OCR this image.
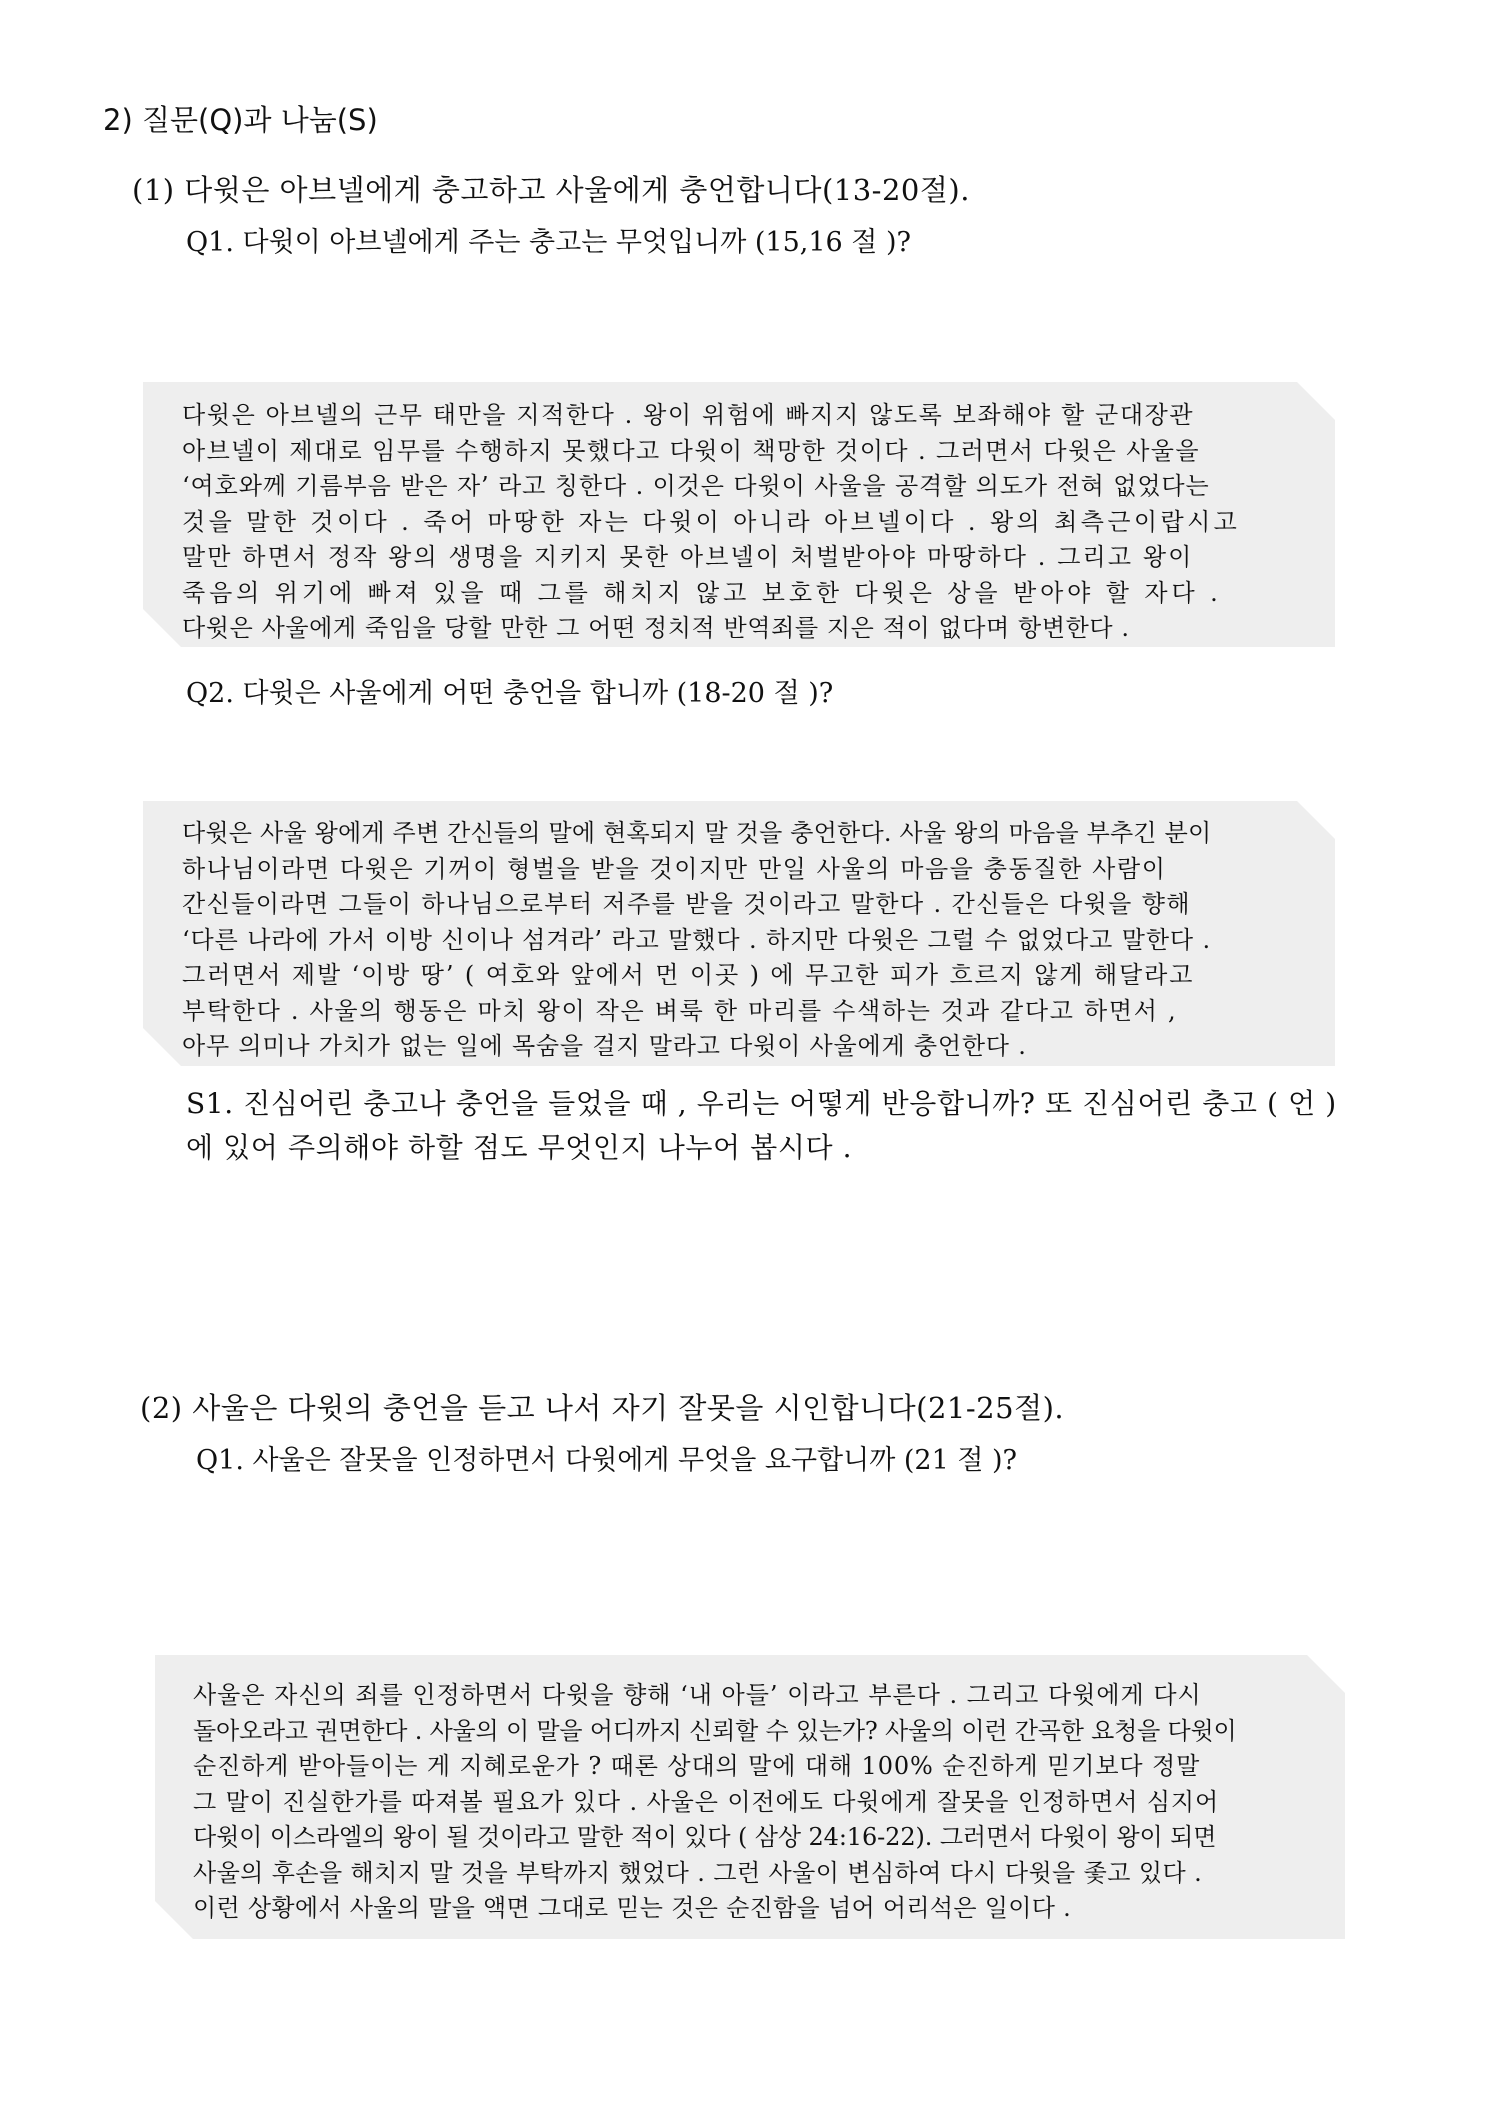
2) 질문(Q)과 나눔(S)
(1) 다윗은 아브넬에게 충고하고 사울에게 충언합니다(13-20절).
Q1. 다윗이 아브넬에게 주는 충고는 무엇입니까 (15,16 절 )?
다윗은 아브넬의 근무 태만을 지적한다 . 왕이 위험에 빠지지 않도록 보좌해야 할 군대장관
아브넬이 제대로 임무를 수행하지 못했다고 다윗이 책망한 것이다 . 그러면서 다윗은 사울을
‘여호와께 기름부음 받은 자’ 라고 칭한다 . 이것은 다윗이 사울을 공격할 의도가 전혀 없었다는
것을 말한 것이다 . 죽어 마땅한 자는 다윗이 아니라 아브넬이다 . 왕의 최측근이랍시고
말만 하면서 정작 왕의 생명을 지키지 못한 아브넬이 처벌받아야 마땅하다 . 그리고 왕이
죽음의 위기에 빠져 있을 때 그를 해치지 않고 보호한 다윗은 상을 받아야 할 자다 .
다윗은 사울에게 죽임을 당할 만한 그 어떤 정치적 반역죄를 지은 적이 없다며 항변한다 .
Q2. 다윗은 사울에게 어떤 충언을 합니까 (18-20 절 )?
다윗은 사울 왕에게 주변 간신들의 말에 현혹되지 말 것을 충언한다. 사울 왕의 마음을 부추긴 분이
하나님이라면 다윗은 기꺼이 형벌을 받을 것이지만 만일 사울의 마음을 충동질한 사람이
간신들이라면 그들이 하나님으로부터 저주를 받을 것이라고 말한다 . 간신들은 다윗을 향해
‘다른 나라에 가서 이방 신이나 섬겨라’ 라고 말했다 . 하지만 다윗은 그럴 수 없었다고 말한다 .
그러면서 제발 ‘이방 땅’ ( 여호와 앞에서 먼 이곳 ) 에 무고한 피가 흐르지 않게 해달라고
부탁한다 . 사울의 행동은 마치 왕이 작은 벼룩 한 마리를 수색하는 것과 같다고 하면서 ,
아무 의미나 가치가 없는 일에 목숨을 걸지 말라고 다윗이 사울에게 충언한다 .
S1. 진심어린 충고나 충언을 들었을 때 , 우리는 어떻게 반응합니까? 또 진심어린 충고 ( 언 ) 에 있어 주의해야 하할 점도 무엇인지 나누어 봅시다 .
(2) 사울은 다윗의 충언을 듣고 나서 자기 잘못을 시인합니다(21-25절).
Q1. 사울은 잘못을 인정하면서 다윗에게 무엇을 요구합니까 (21 절 )?
사울은 자신의 죄를 인정하면서 다윗을 향해 ‘내 아들’ 이라고 부른다 . 그리고 다윗에게 다시
돌아오라고 권면한다 . 사울의 이 말을 어디까지 신뢰할 수 있는가? 사울의 이런 간곡한 요청을 다윗이
순진하게 받아들이는 게 지혜로운가 ? 때론 상대의 말에 대해 100% 순진하게 믿기보다 정말
그 말이 진실한가를 따져볼 필요가 있다 . 사울은 이전에도 다윗에게 잘못을 인정하면서 심지어
다윗이 이스라엘의 왕이 될 것이라고 말한 적이 있다 ( 삼상 24:16-22). 그러면서 다윗이 왕이 되면
사울의 후손을 해치지 말 것을 부탁까지 했었다 . 그런 사울이 변심하여 다시 다윗을 좇고 있다 .
이런 상황에서 사울의 말을 액면 그대로 믿는 것은 순진함을 넘어 어리석은 일이다 .
